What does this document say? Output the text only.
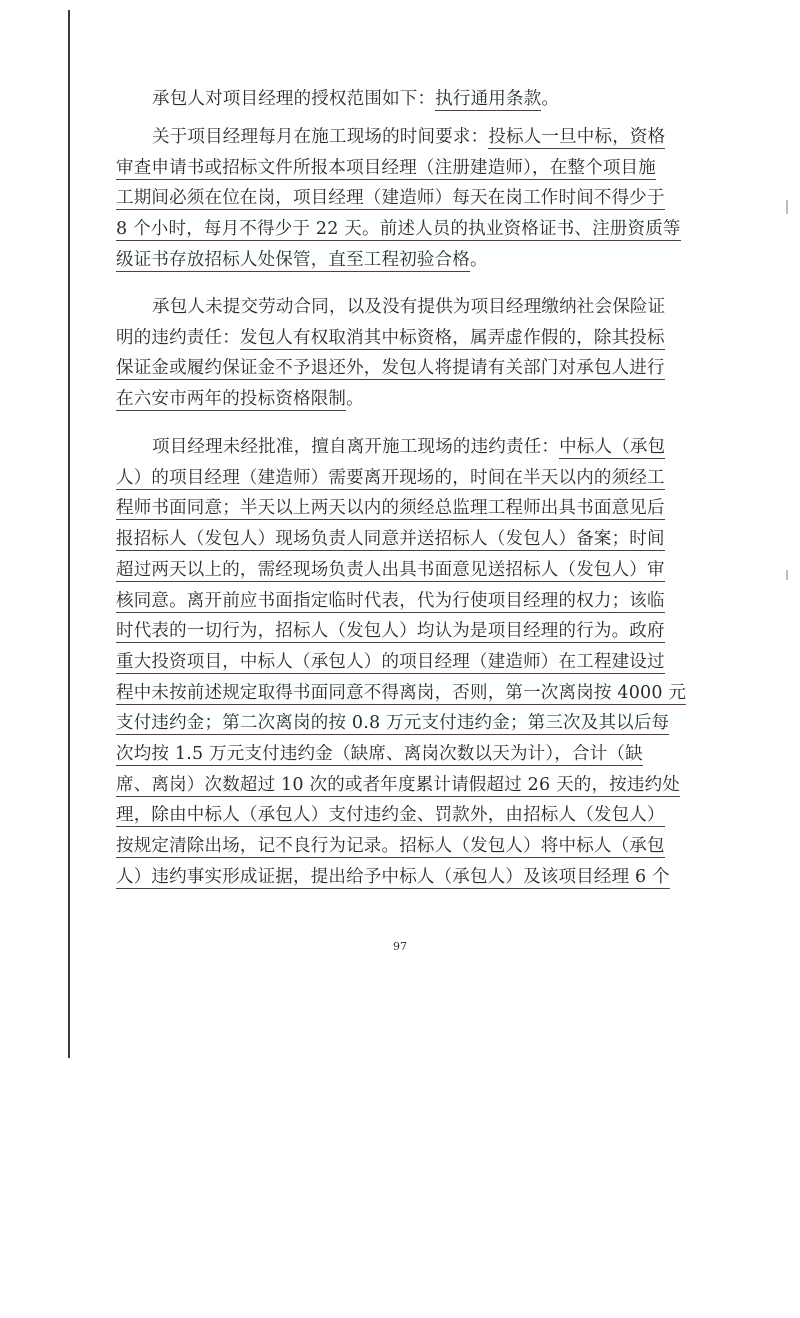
承包人对项目经理的授权范围如下：执行通用条款。
关于项目经理每月在施工现场的时间要求：投标人一旦中标，资格
审查申请书或招标文件所报本项目经理（注册建造师），在整个项目施
工期间必须在位在岗，项目经理（建造师）每天在岗工作时间不得少于
8 个小时，每月不得少于 22 天。前述人员的执业资格证书、注册资质等
级证书存放招标人处保管，直至工程初验合格。
承包人未提交劳动合同，以及没有提供为项目经理缴纳社会保险证
明的违约责任：发包人有权取消其中标资格，属弄虚作假的，除其投标
保证金或履约保证金不予退还外，发包人将提请有关部门对承包人进行
在六安市两年的投标资格限制。
项目经理未经批准，擅自离开施工现场的违约责任：中标人（承包
人）的项目经理（建造师）需要离开现场的，时间在半天以内的须经工
程师书面同意；半天以上两天以内的须经总监理工程师出具书面意见后
报招标人（发包人）现场负责人同意并送招标人（发包人）备案；时间
超过两天以上的，需经现场负责人出具书面意见送招标人（发包人）审
核同意。离开前应书面指定临时代表，代为行使项目经理的权力；该临
时代表的一切行为，招标人（发包人）均认为是项目经理的行为。政府
重大投资项目，中标人（承包人）的项目经理（建造师）在工程建设过
程中未按前述规定取得书面同意不得离岗，否则，第一次离岗按 4000 元
支付违约金；第二次离岗的按 0.8 万元支付违约金；第三次及其以后每
次均按 1.5 万元支付违约金（缺席、离岗次数以天为计），合计（缺
席、离岗）次数超过 10 次的或者年度累计请假超过 26 天的，按违约处
理，除由中标人（承包人）支付违约金、罚款外，由招标人（发包人）
按规定清除出场，记不良行为记录。招标人（发包人）将中标人（承包
人）违约事实形成证据，提出给予中标人（承包人）及该项目经理 6 个
97
